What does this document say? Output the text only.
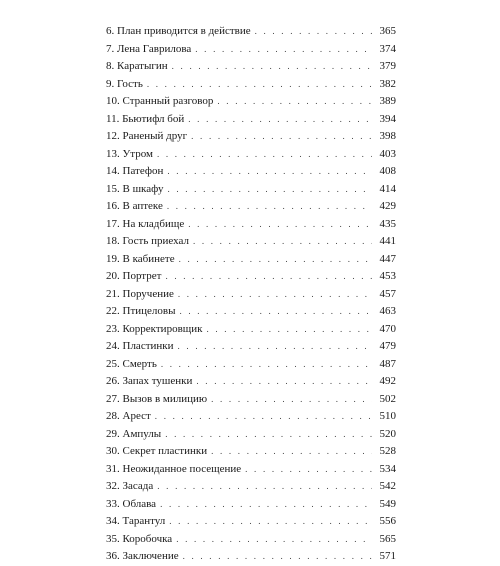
6. План приводится в действие . . .	365
7. Лена Гаврилова . . .	374
8. Каратыгин . . .	379
9. Гость . . .	382
10. Странный разговор . . .	389
11. Бьютифл бой . . .	394
12. Раненый друг . . .	398
13. Утром . . .	403
14. Патефон . . .	408
15. В шкафу . . .	414
16. В аптеке . . .	429
17. На кладбище . . .	435
18. Гость приехал . . .	441
19. В кабинете . . .	447
20. Портрет . . .	453
21. Поручение . . .	457
22. Птицеловы . . .	463
23. Корректировщик . . .	470
24. Пластинки . . .	479
25. Смерть . . .	487
26. Запах тушенки . . .	492
27. Вызов в милицию . . .	502
28. Арест . . .	510
29. Ампулы . . .	520
30. Секрет пластинки . . .	528
31. Неожиданное посещение . . .	534
32. Засада . . .	542
33. Облава . . .	549
34. Тарантул . . .	556
35. Коробочка . . .	565
36. Заключение . . .	571
